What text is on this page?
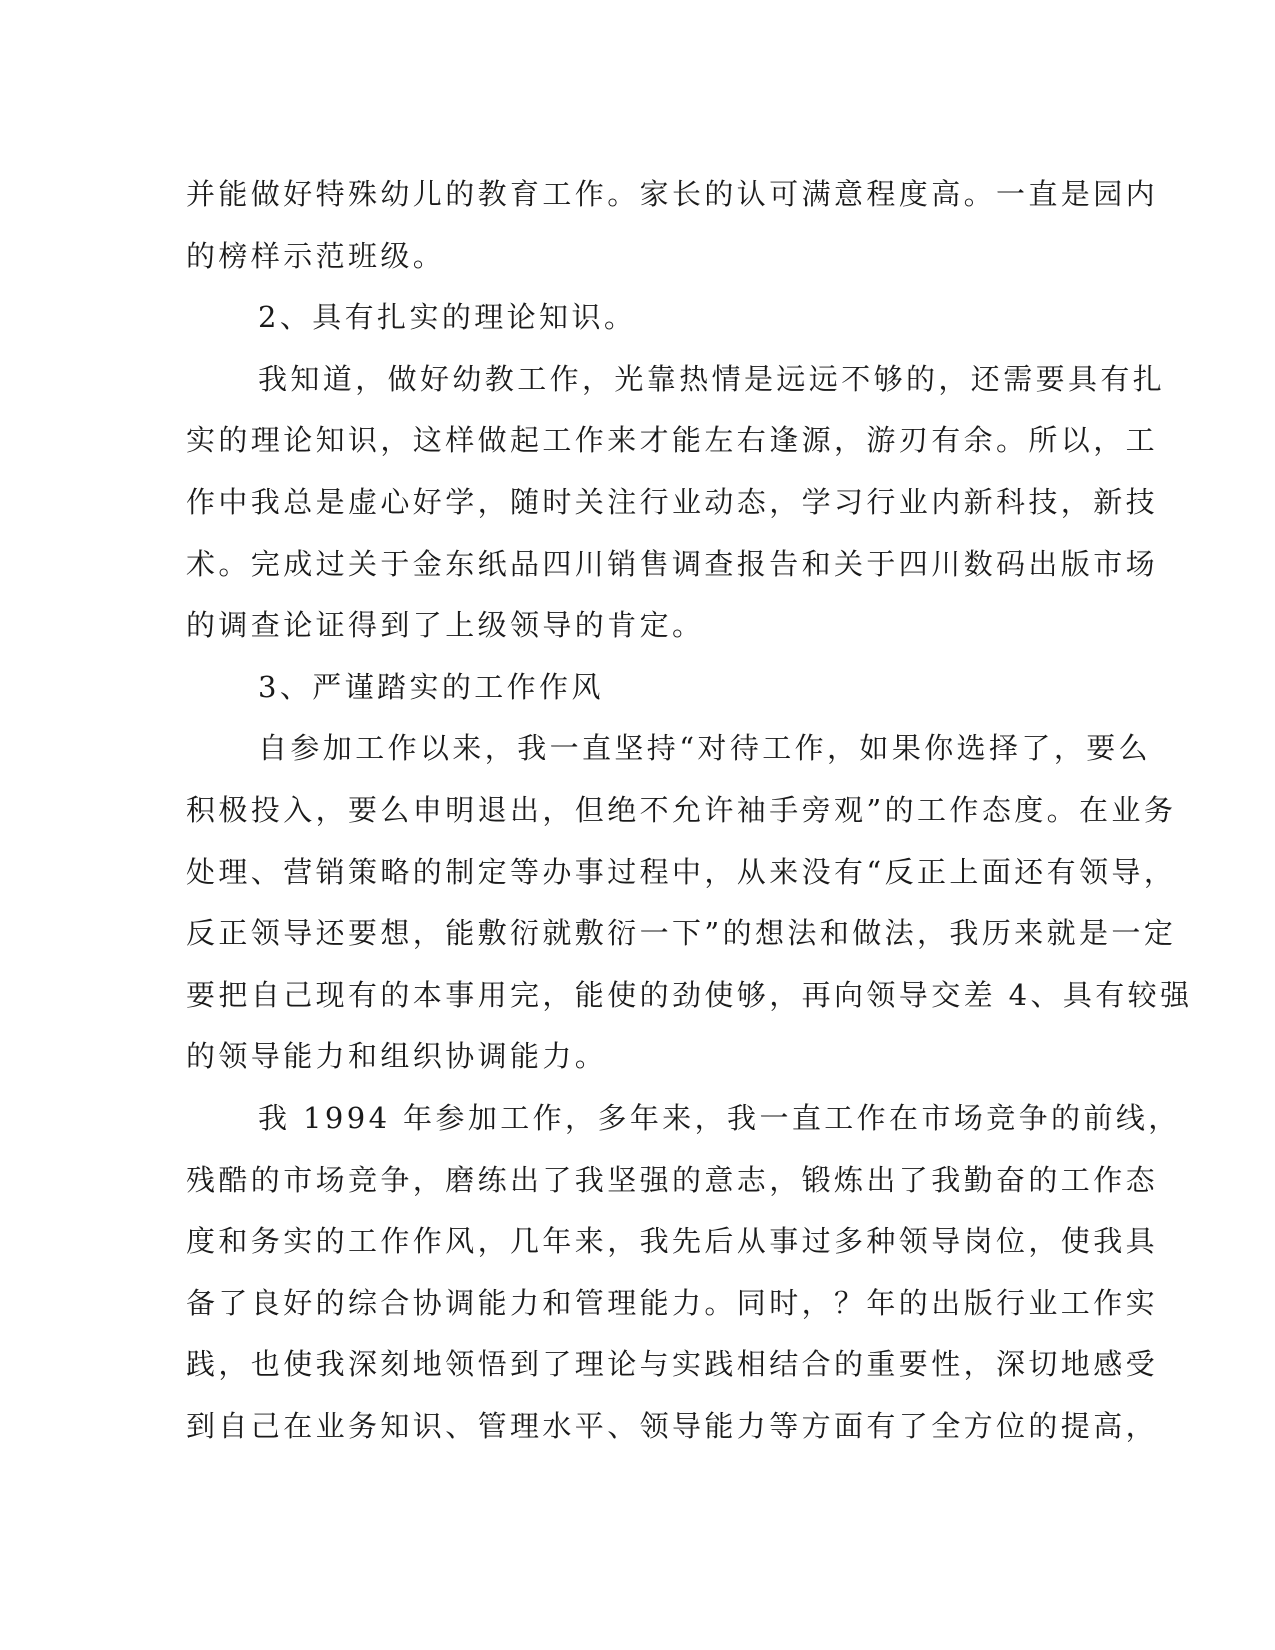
并能做好特殊幼儿的教育工作。家长的认可满意程度高。一直是园内
的榜样示范班级。
2、具有扎实的理论知识。
我知道，做好幼教工作，光靠热情是远远不够的，还需要具有扎
实的理论知识，这样做起工作来才能左右逢源，游刃有余。所以，工
作中我总是虚心好学，随时关注行业动态，学习行业内新科技，新技
术。完成过关于金东纸品四川销售调查报告和关于四川数码出版市场
的调查论证得到了上级领导的肯定。
3、严谨踏实的工作作风
自参加工作以来，我一直坚持“对待工作，如果你选择了，要么
积极投入，要么申明退出，但绝不允许袖手旁观”的工作态度。在业务
处理、营销策略的制定等办事过程中，从来没有“反正上面还有领导，
反正领导还要想，能敷衍就敷衍一下”的想法和做法，我历来就是一定
要把自己现有的本事用完，能使的劲使够，再向领导交差 4、具有较强
的领导能力和组织协调能力。
我 1994 年参加工作，多年来，我一直工作在市场竞争的前线，
残酷的市场竞争，磨练出了我坚强的意志，锻炼出了我勤奋的工作态
度和务实的工作作风，几年来，我先后从事过多种领导岗位，使我具
备了良好的综合协调能力和管理能力。同时，？年的出版行业工作实
践，也使我深刻地领悟到了理论与实践相结合的重要性，深切地感受
到自己在业务知识、管理水平、领导能力等方面有了全方位的提高，
